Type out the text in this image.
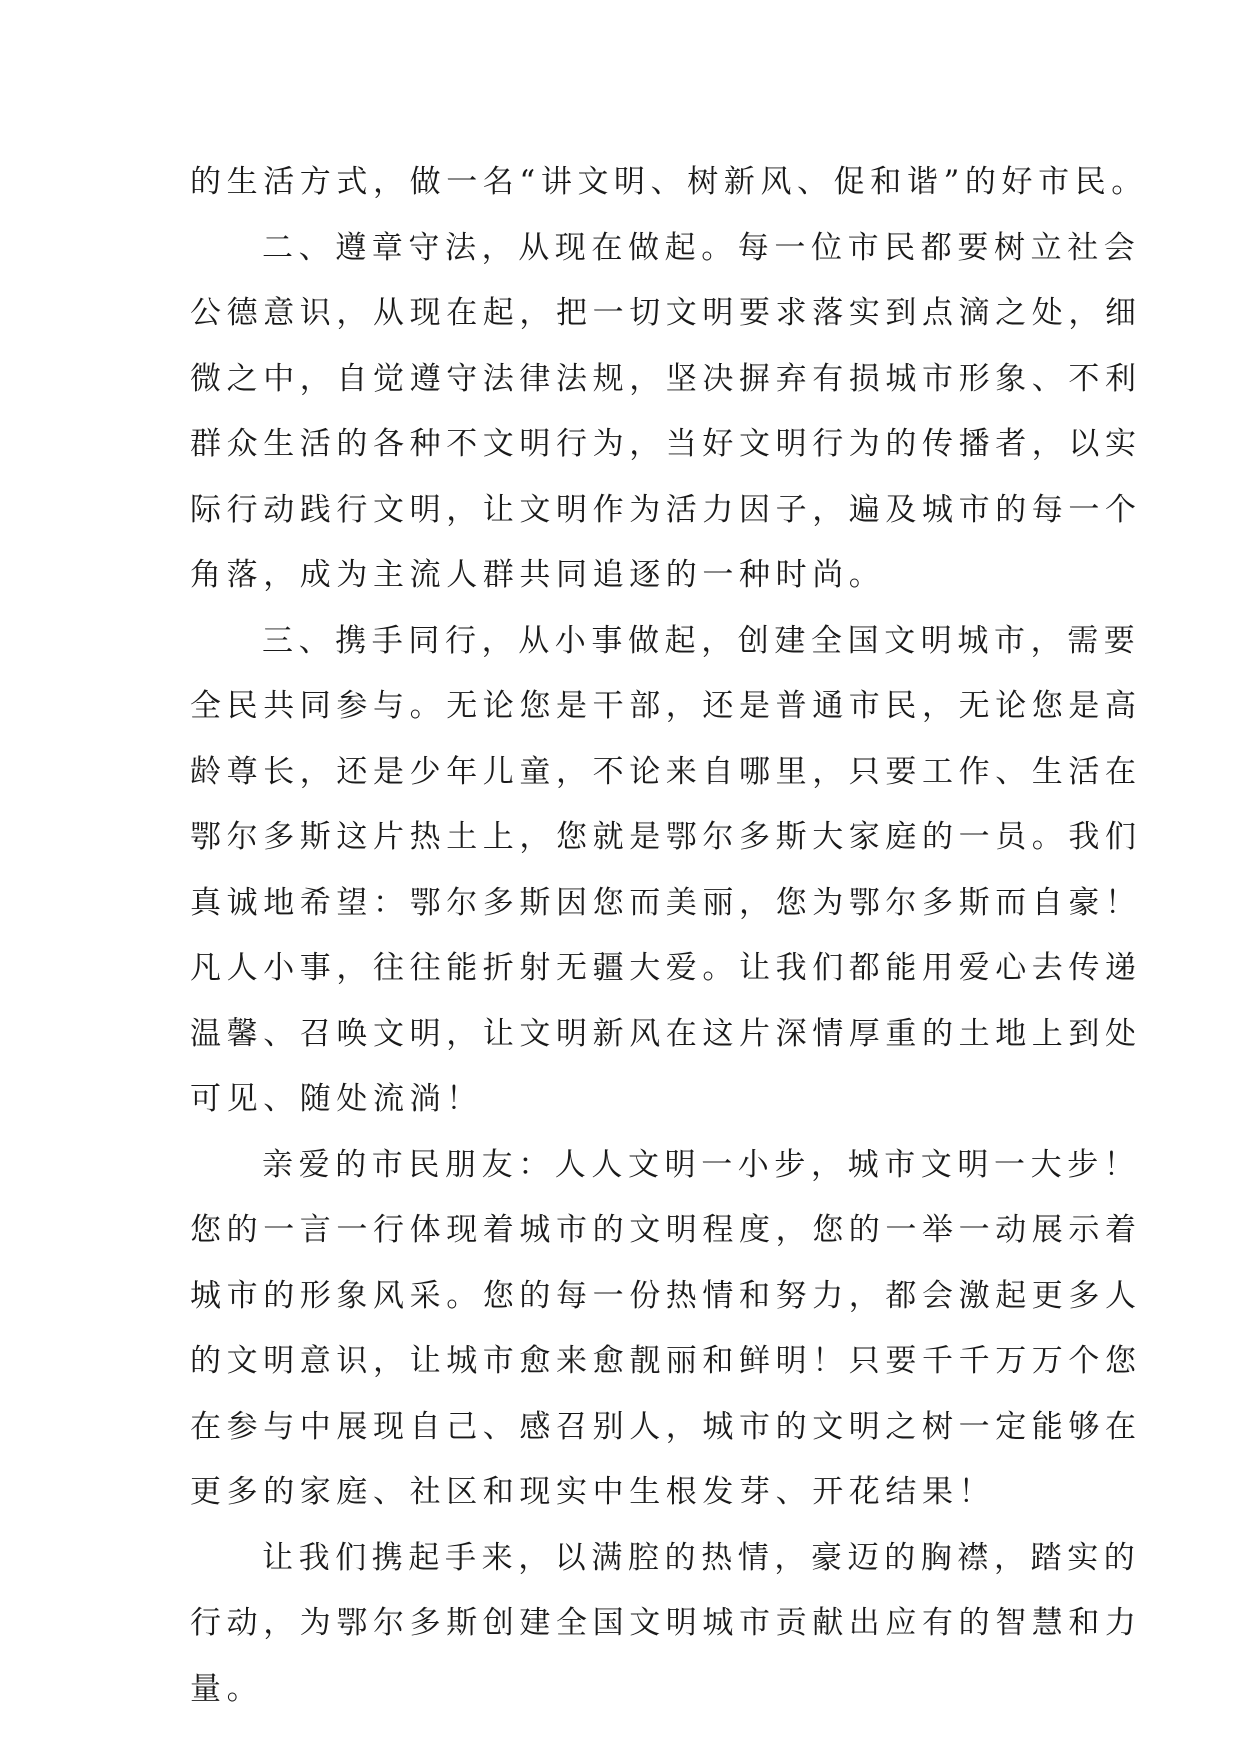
的生活方式，做一名“讲文明、树新风、促和谐”的好市民。
二、遵章守法，从现在做起。每一位市民都要树立社会
公德意识，从现在起，把一切文明要求落实到点滴之处，细
微之中，自觉遵守法律法规，坚决摒弃有损城市形象、不利
群众生活的各种不文明行为，当好文明行为的传播者，以实
际行动践行文明，让文明作为活力因子，遍及城市的每一个
角落，成为主流人群共同追逐的一种时尚。
三、携手同行，从小事做起，创建全国文明城市，需要
全民共同参与。无论您是干部，还是普通市民，无论您是高
龄尊长，还是少年儿童，不论来自哪里，只要工作、生活在
鄂尔多斯这片热土上，您就是鄂尔多斯大家庭的一员。我们
真诚地希望：鄂尔多斯因您而美丽，您为鄂尔多斯而自豪！
凡人小事，往往能折射无疆大爱。让我们都能用爱心去传递
温馨、召唤文明，让文明新风在这片深情厚重的土地上到处
可见、随处流淌！
亲爱的市民朋友：人人文明一小步，城市文明一大步！
您的一言一行体现着城市的文明程度，您的一举一动展示着
城市的形象风采。您的每一份热情和努力，都会激起更多人
的文明意识，让城市愈来愈靓丽和鲜明！只要千千万万个您
在参与中展现自己、感召别人，城市的文明之树一定能够在
更多的家庭、社区和现实中生根发芽、开花结果！
让我们携起手来，以满腔的热情，豪迈的胸襟，踏实的
行动，为鄂尔多斯创建全国文明城市贡献出应有的智慧和力
量。
